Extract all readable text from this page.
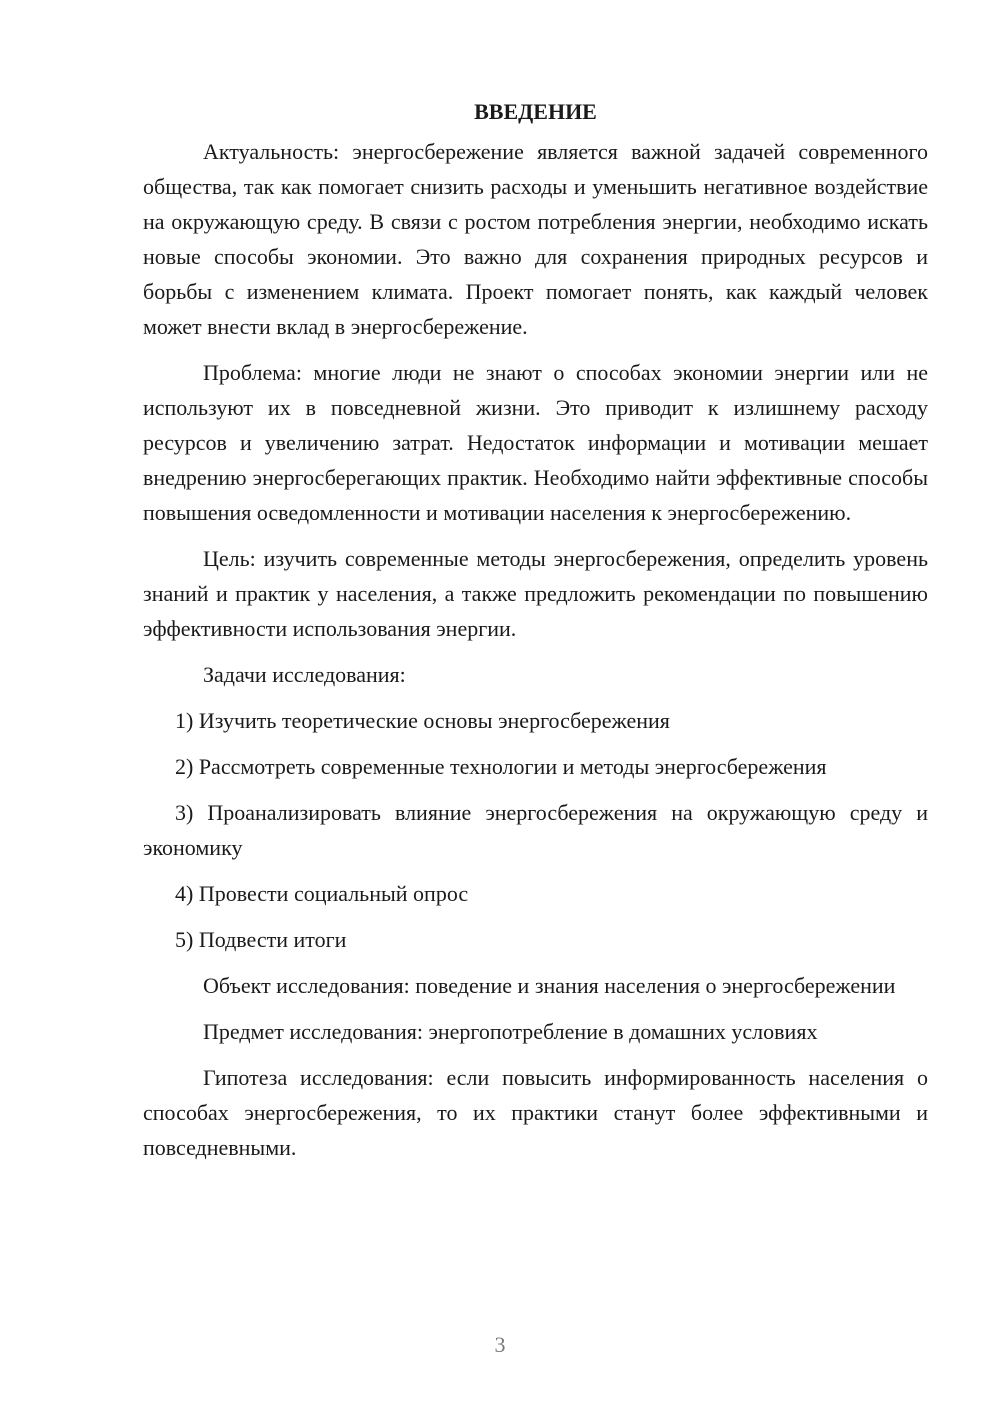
ВВЕДЕНИЕ

Актуальность: энергосбережение является важной задачей современного общества, так как помогает снизить расходы и уменьшить негативное воздействие на окружающую среду. В связи с ростом потребления энергии, необходимо искать новые способы экономии. Это важно для сохранения природных ресурсов и борьбы с изменением климата. Проект помогает понять, как каждый человек может внести вклад в энергосбережение.

Проблема: многие люди не знают о способах экономии энергии или не используют их в повседневной жизни. Это приводит к излишнему расходу ресурсов и увеличению затрат. Недостаток информации и мотивации мешает внедрению энергосберегающих практик. Необходимо найти эффективные способы повышения осведомленности и мотивации населения к энергосбережению.

Цель: изучить современные методы энергосбережения, определить уровень знаний и практик у населения, а также предложить рекомендации по повышению эффективности использования энергии.

Задачи исследования:

1) Изучить теоретические основы энергосбережения

2) Рассмотреть современные технологии и методы энергосбережения

3) Проанализировать влияние энергосбережения на окружающую среду и экономику

4) Провести социальный опрос

5) Подвести итоги

Объект исследования: поведение и знания населения о энергосбережении

Предмет исследования: энергопотребление в домашних условиях

Гипотеза исследования: если повысить информированность населения о способах энергосбережения, то их практики станут более эффективными и повседневными.

3
